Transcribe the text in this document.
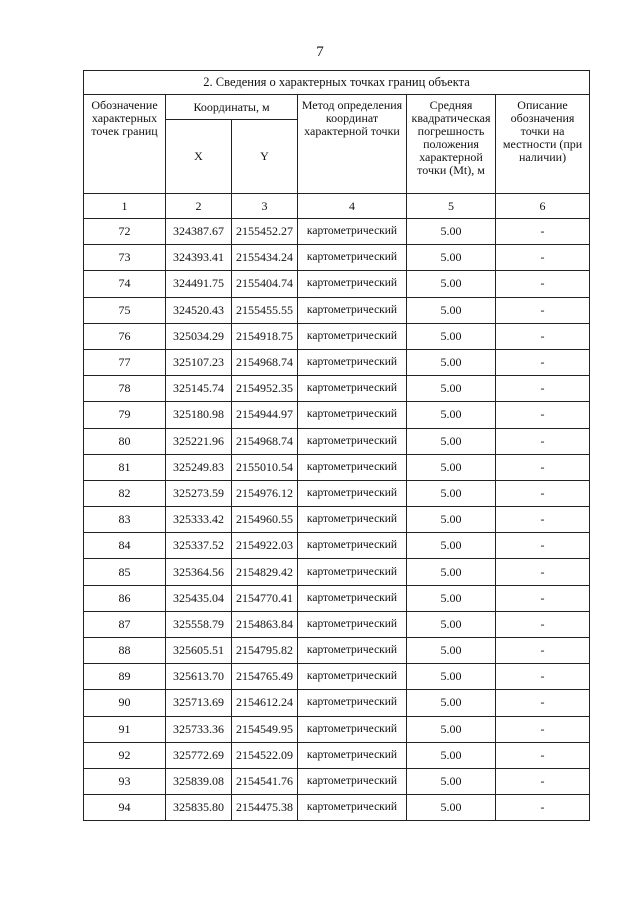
7
2. Сведения о характерных точках границ объекта					
Обозначение характерных точек границ	Координаты, м		Метод определения координат характерной точки	Средняя квадратическая погрешность положения характерной точки (Mt), м	Описание обозначения точки на местности (при наличии)
	X	Y			
1	2	3	4	5	6
72	324387.67	2155452.27	картометрический	5.00	-
73	324393.41	2155434.24	картометрический	5.00	-
74	324491.75	2155404.74	картометрический	5.00	-
75	324520.43	2155455.55	картометрический	5.00	-
76	325034.29	2154918.75	картометрический	5.00	-
77	325107.23	2154968.74	картометрический	5.00	-
78	325145.74	2154952.35	картометрический	5.00	-
79	325180.98	2154944.97	картометрический	5.00	-
80	325221.96	2154968.74	картометрический	5.00	-
81	325249.83	2155010.54	картометрический	5.00	-
82	325273.59	2154976.12	картометрический	5.00	-
83	325333.42	2154960.55	картометрический	5.00	-
84	325337.52	2154922.03	картометрический	5.00	-
85	325364.56	2154829.42	картометрический	5.00	-
86	325435.04	2154770.41	картометрический	5.00	-
87	325558.79	2154863.84	картометрический	5.00	-
88	325605.51	2154795.82	картометрический	5.00	-
89	325613.70	2154765.49	картометрический	5.00	-
90	325713.69	2154612.24	картометрический	5.00	-
91	325733.36	2154549.95	картометрический	5.00	-
92	325772.69	2154522.09	картометрический	5.00	-
93	325839.08	2154541.76	картометрический	5.00	-
94	325835.80	2154475.38	картометрический	5.00	-
